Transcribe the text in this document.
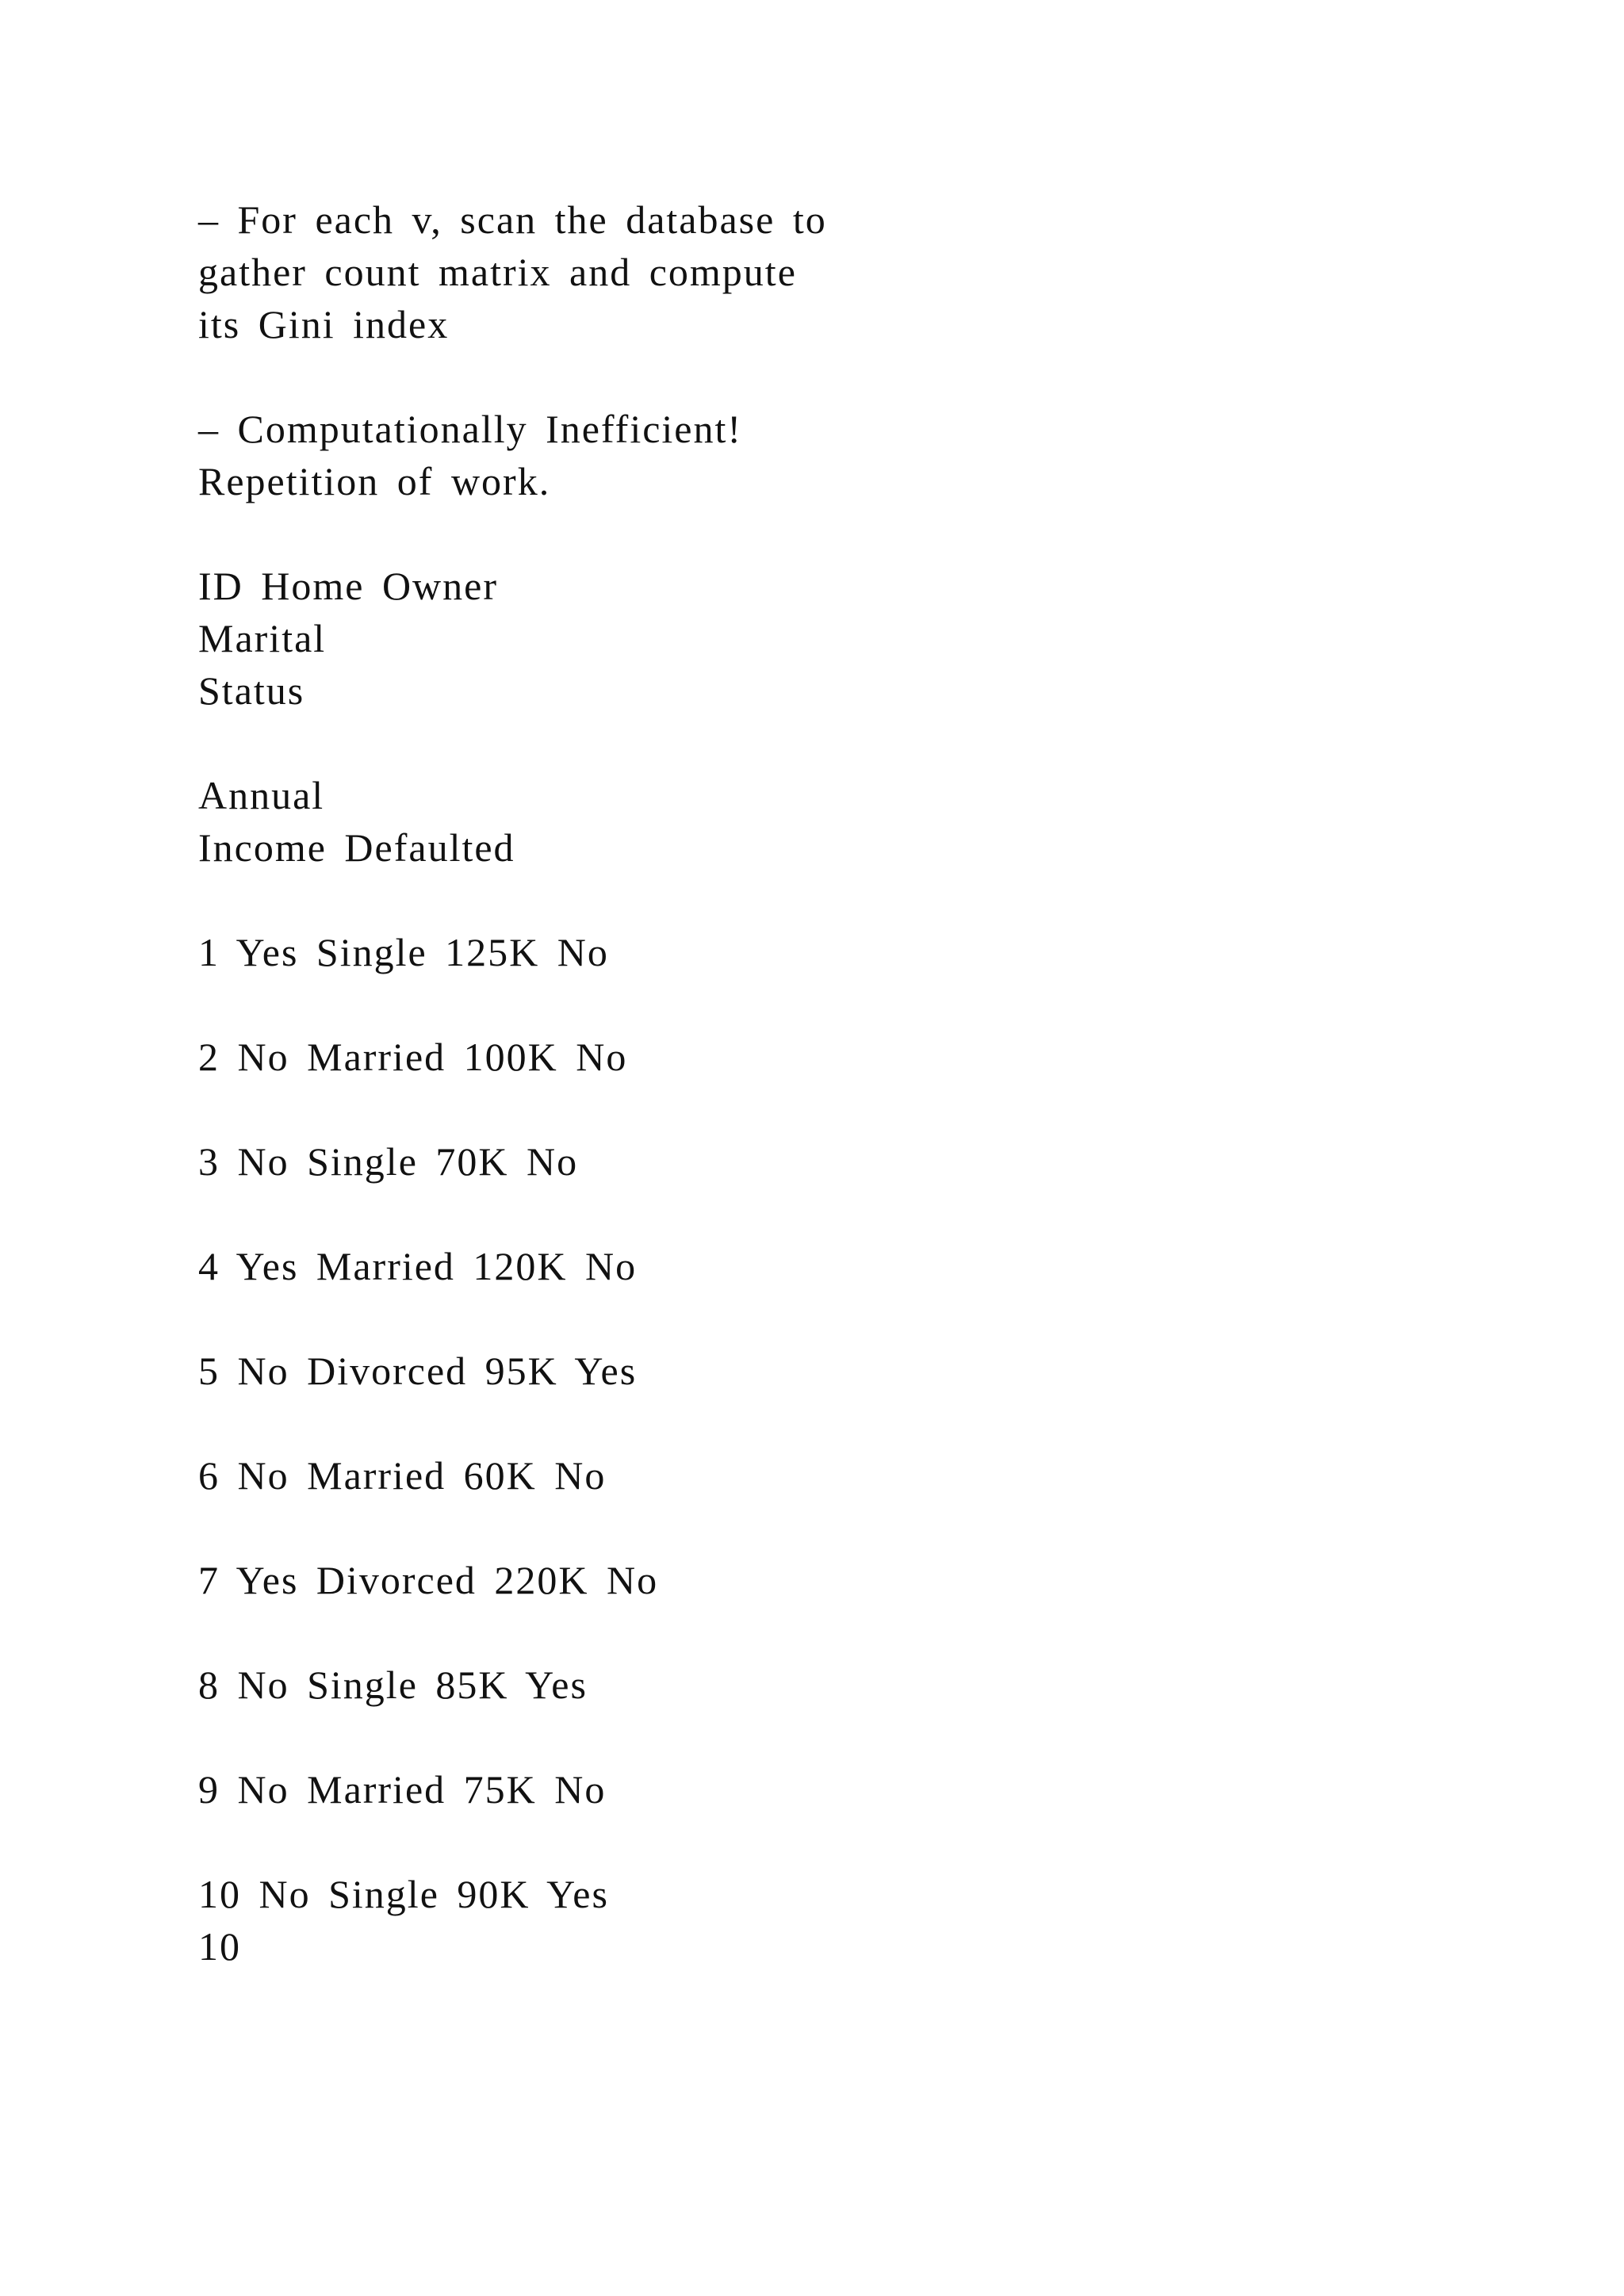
– For each v, scan the database to
gather count matrix and compute
its Gini index
– Computationally Inefficient!
Repetition of work.
ID Home Owner
Marital
Status
Annual
Income Defaulted
1 Yes Single 125K No
2 No Married 100K No
3 No Single 70K No
4 Yes Married 120K No
5 No Divorced 95K Yes
6 No Married 60K No
7 Yes Divorced 220K No
8 No Single 85K Yes
9 No Married 75K No
10 No Single 90K Yes
10
